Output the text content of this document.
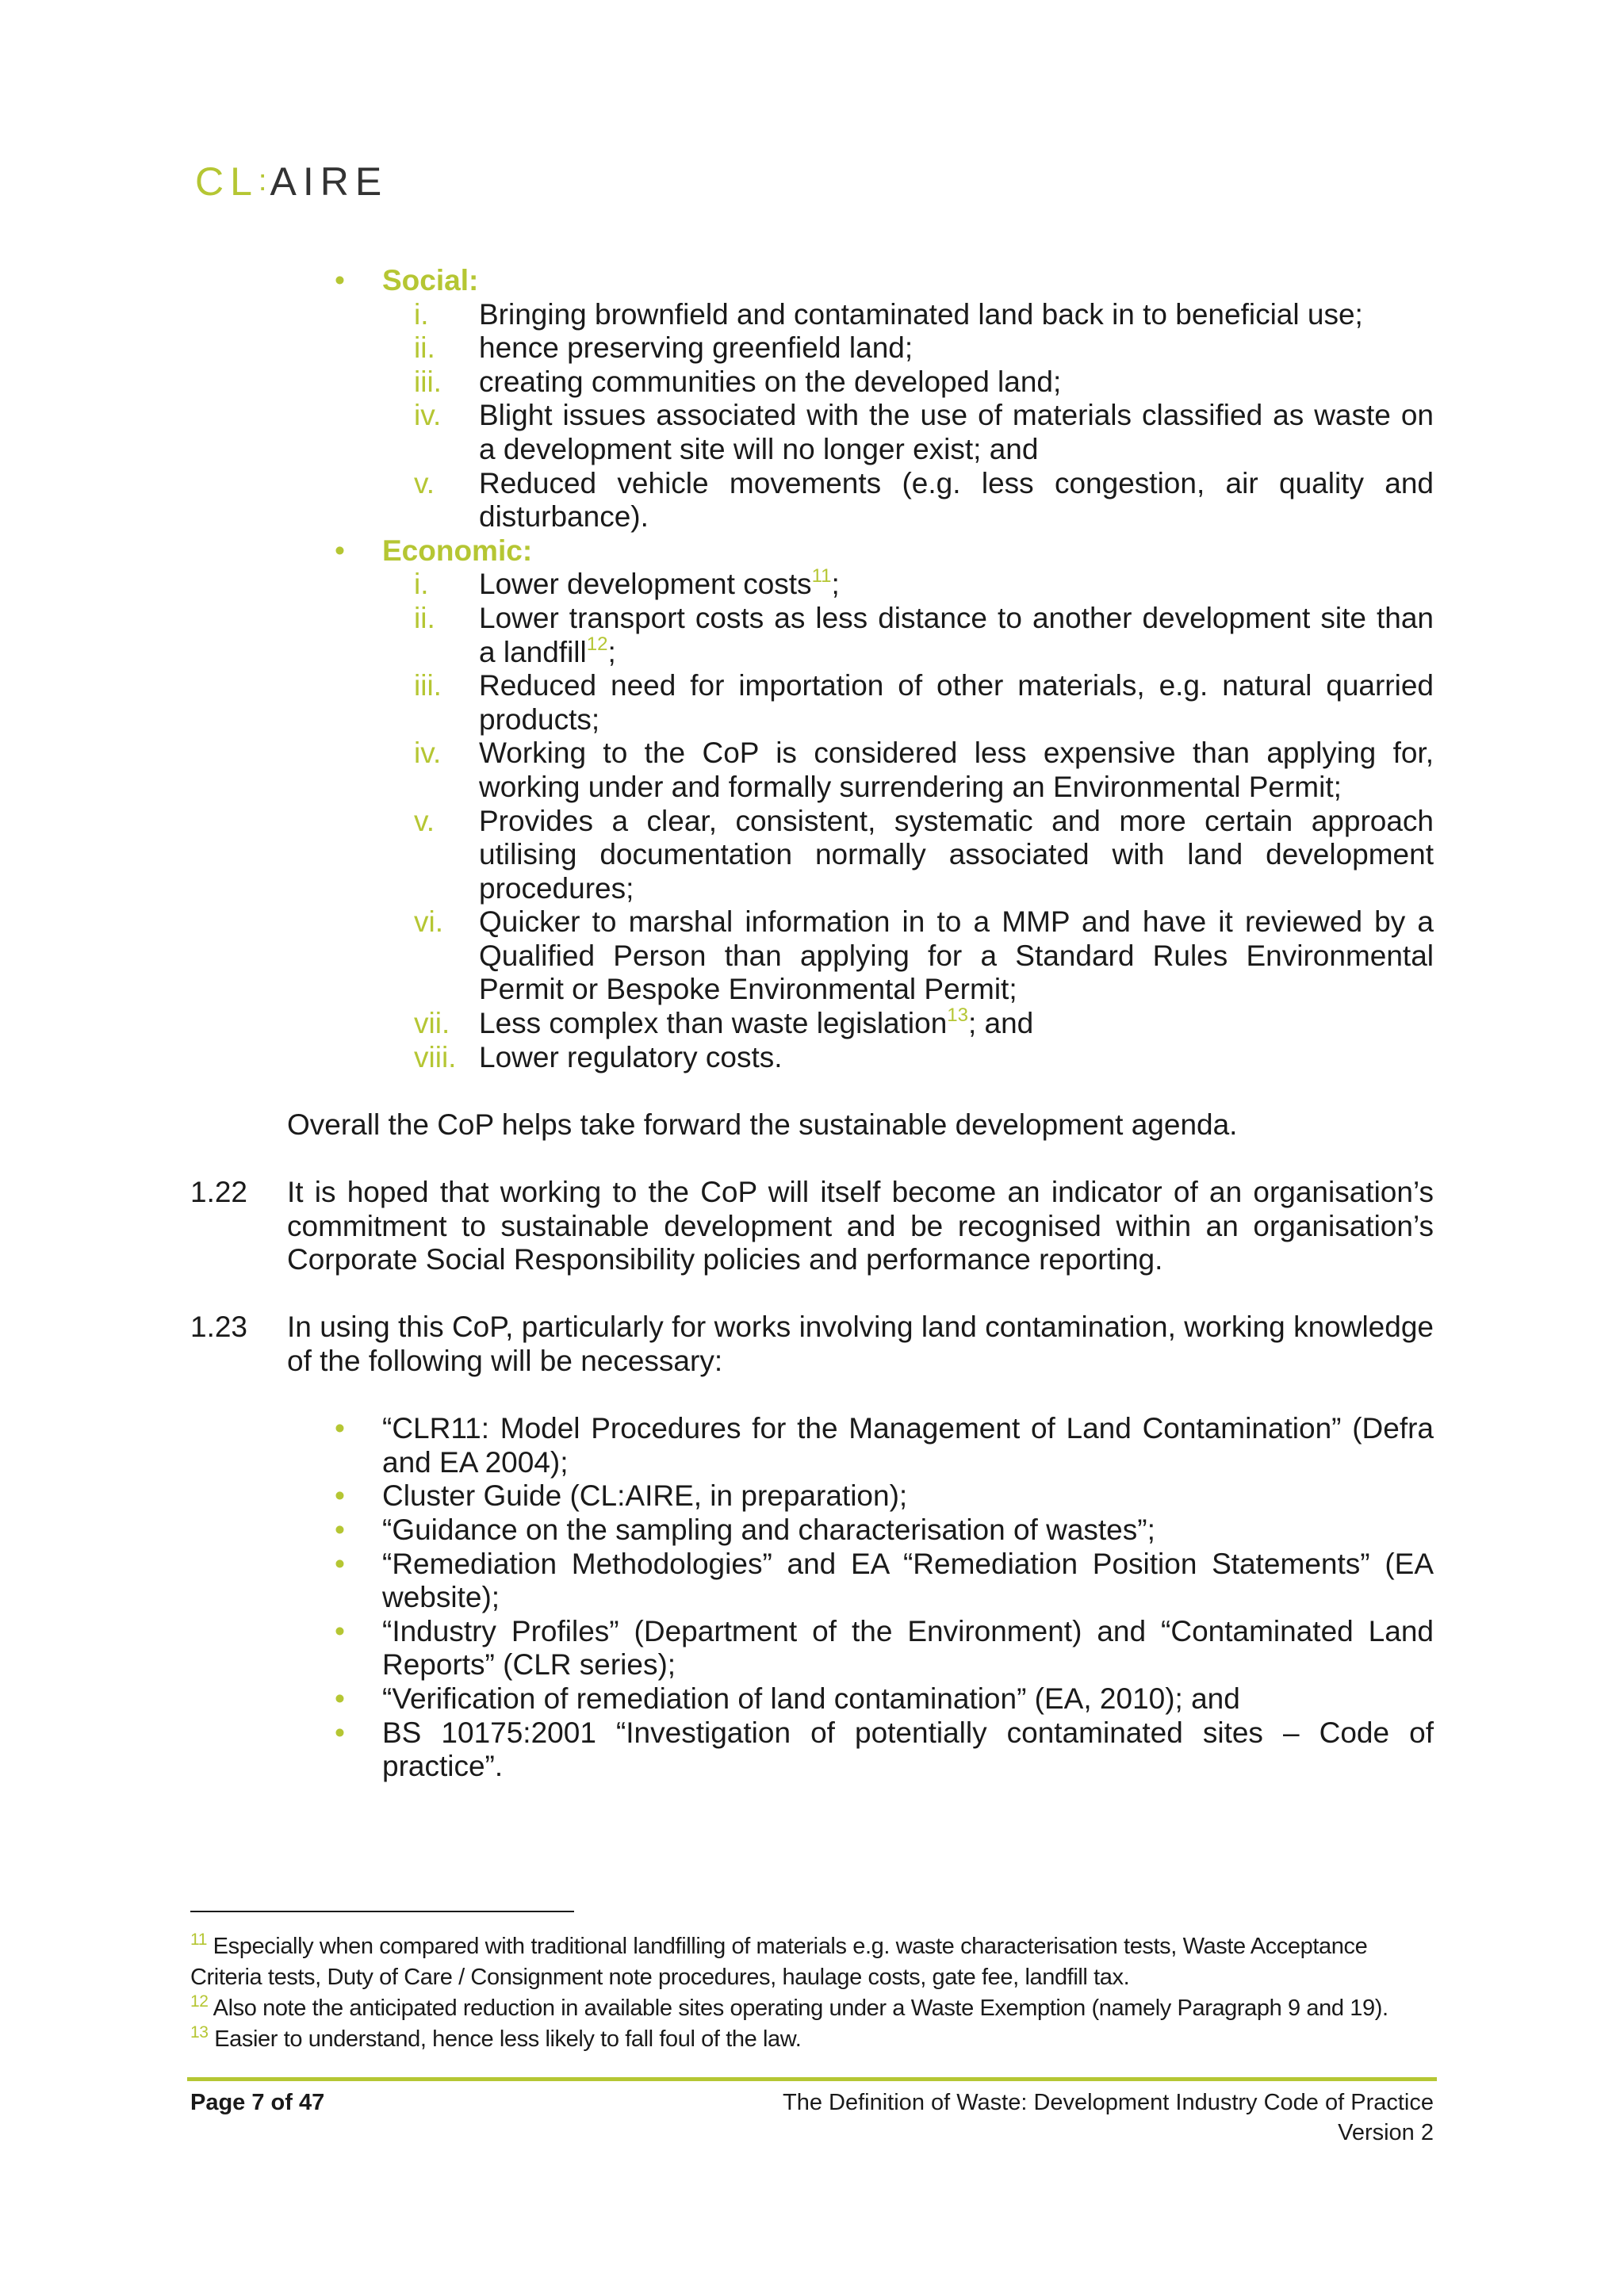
CL:AIRE
• Social:
i. Bringing brownfield and contaminated land back in to beneficial use;
ii. hence preserving greenfield land;
iii. creating communities on the developed land;
iv. Blight issues associated with the use of materials classified as waste on a development site will no longer exist; and
v. Reduced vehicle movements (e.g. less congestion, air quality and disturbance).
• Economic:
i. Lower development costs$^{11}$;
ii. Lower transport costs as less distance to another development site than a landfill$^{12}$;
iii. Reduced need for importation of other materials, e.g. natural quarried products;
iv. Working to the CoP is considered less expensive than applying for, working under and formally surrendering an Environmental Permit;
v. Provides a clear, consistent, systematic and more certain approach utilising documentation normally associated with land development procedures;
vi. Quicker to marshal information in to a MMP and have it reviewed by a Qualified Person than applying for a Standard Rules Environmental Permit or Bespoke Environmental Permit;
vii. Less complex than waste legislation$^{13}$; and
viii. Lower regulatory costs.
Overall the CoP helps take forward the sustainable development agenda.
1.22 It is hoped that working to the CoP will itself become an indicator of an organisation’s commitment to sustainable development and be recognised within an organisation’s Corporate Social Responsibility policies and performance reporting.
1.23 In using this CoP, particularly for works involving land contamination, working knowledge of the following will be necessary:
• “CLR11: Model Procedures for the Management of Land Contamination” (Defra and EA 2004);
• Cluster Guide (CL:AIRE, in preparation);
• “Guidance on the sampling and characterisation of wastes”;
• “Remediation Methodologies” and EA “Remediation Position Statements” (EA website);
• “Industry Profiles” (Department of the Environment) and “Contaminated Land Reports” (CLR series);
• “Verification of remediation of land contamination” (EA, 2010); and
• BS 10175:2001 “Investigation of potentially contaminated sites – Code of practice”.
$^{11}$ Especially when compared with traditional landfilling of materials e.g. waste characterisation tests, Waste Acceptance Criteria tests, Duty of Care / Consignment note procedures, haulage costs, gate fee, landfill tax.
$^{12}$ Also note the anticipated reduction in available sites operating under a Waste Exemption (namely Paragraph 9 and 19).
$^{13}$ Easier to understand, hence less likely to fall foul of the law.
Page 7 of 47	The Definition of Waste: Development Industry Code of Practice
Version 2
